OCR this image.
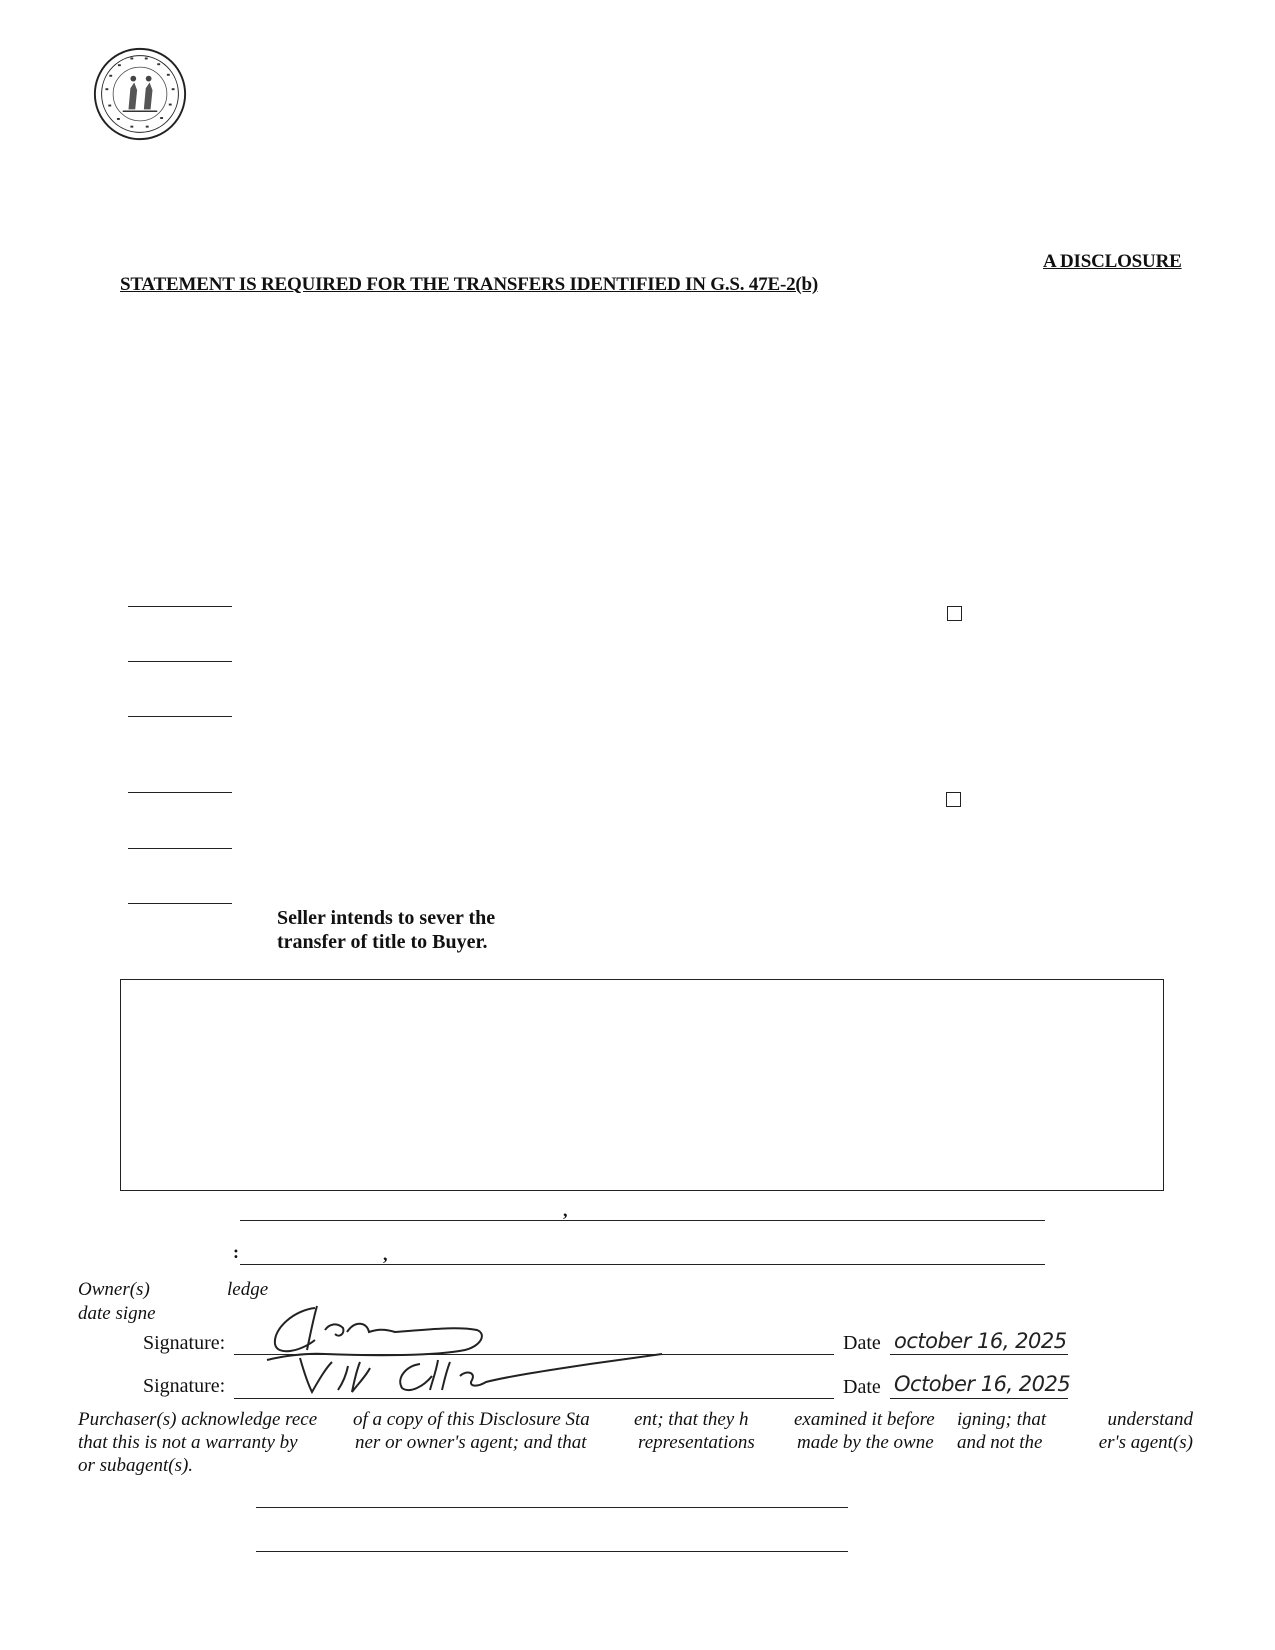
A DISCLOSURE
STATEMENT IS REQUIRED FOR THE TRANSFERS IDENTIFIED IN G.S. 47E-2(b)
Seller intends to sever the
transfer of title to Buyer.
,
:	,
Owner(s)	ledge
date signe
Signature:	Date october 16, 2025
Signature:	Date October 16, 2025
Purchaser(s) acknowledge rece
that this is not a warranty by
or subagent(s).
of a copy of this Disclosure Sta
ner or owner's agent; and that
ent; that they h
representations
examined it before
made by the owne
igning; that
and not the
understand
er's agent(s)
